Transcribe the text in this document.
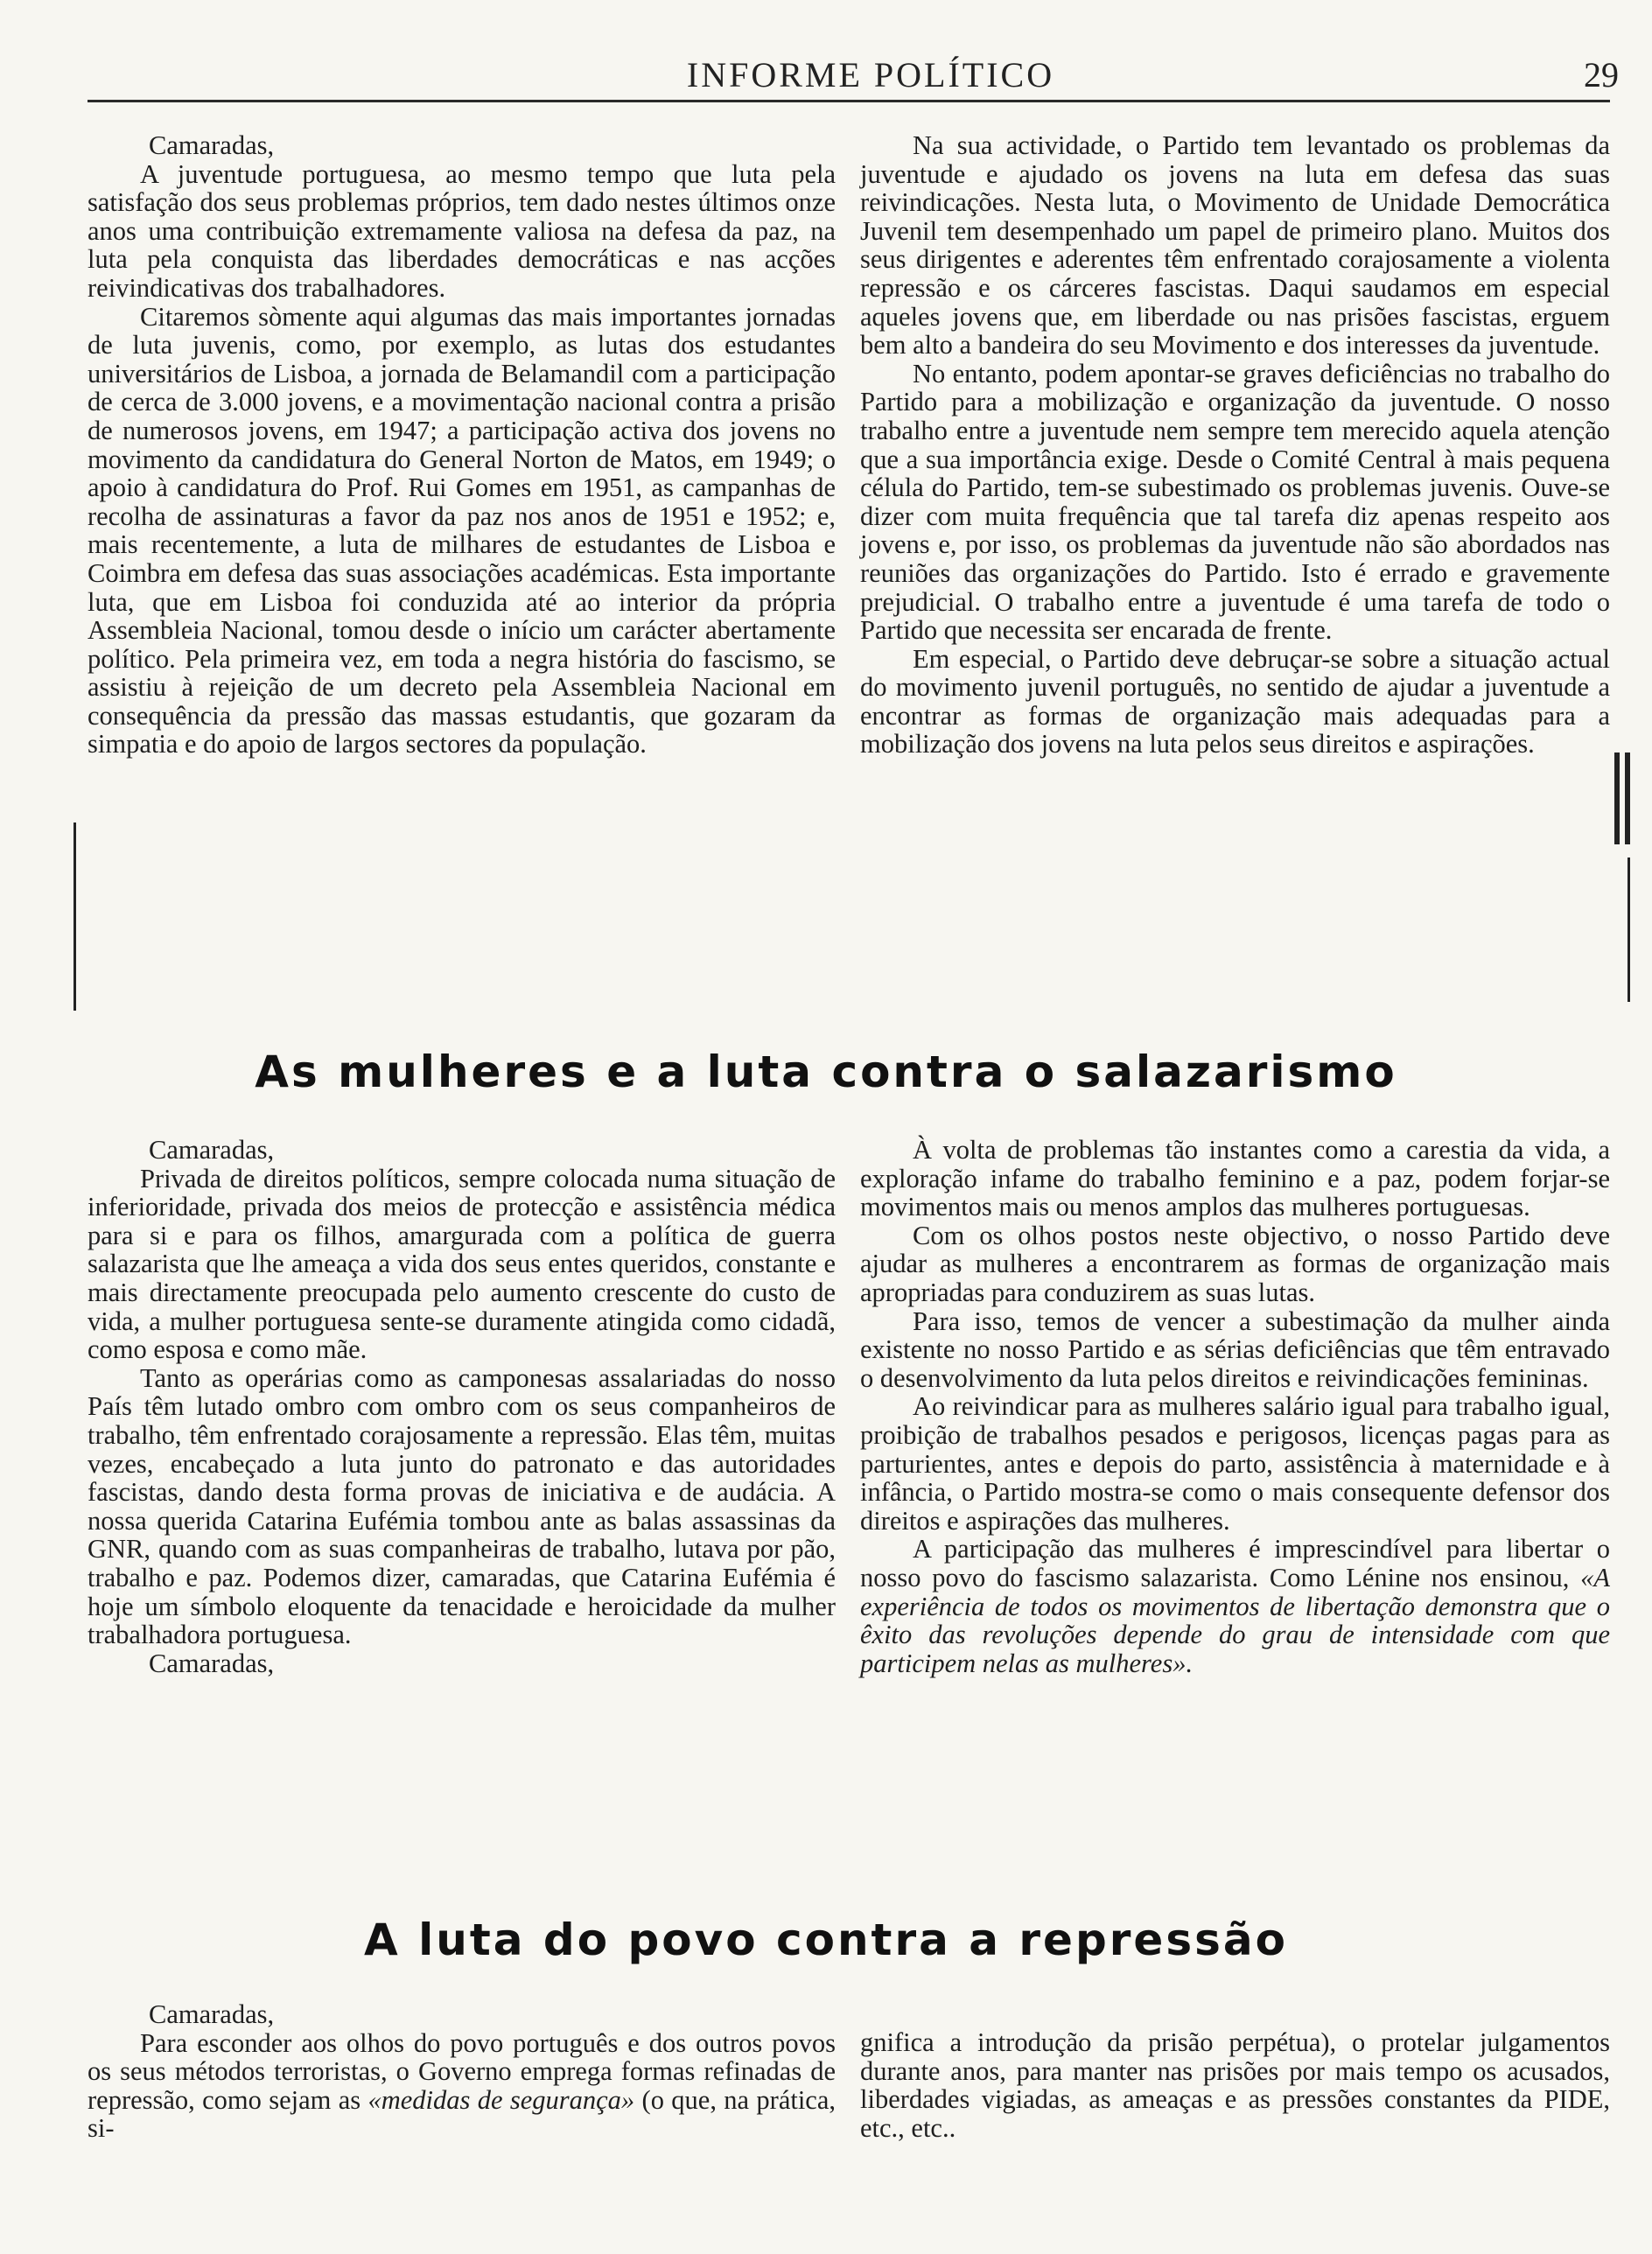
INFORME POLÍTICO	29

Camaradas,

A juventude portuguesa, ao mesmo tempo que luta pela satisfação dos seus problemas próprios, tem dado nestes últimos onze anos uma contribuição extremamente valiosa na defesa da paz, na luta pela conquista das liberdades democráticas e nas acções reivindicativas dos trabalhadores.

Citaremos sòmente aqui algumas das mais importantes jornadas de luta juvenis, como, por exemplo, as lutas dos estudantes universitários de Lisboa, a jornada de Belamandil com a participação de cerca de 3.000 jovens, e a movimentação nacional contra a prisão de numerosos jovens, em 1947; a participação activa dos jovens no movimento da candidatura do General Norton de Matos, em 1949; o apoio à candidatura do Prof. Rui Gomes em 1951, as campanhas de recolha de assinaturas a favor da paz nos anos de 1951 e 1952; e, mais recentemente, a luta de milhares de estudantes de Lisboa e Coimbra em defesa das suas associações académicas. Esta importante luta, que em Lisboa foi conduzida até ao interior da própria Assembleia Nacional, tomou desde o início um carácter abertamente político. Pela primeira vez, em toda a negra história do fascismo, se assistiu à rejeição de um decreto pela Assembleia Nacional em consequência da pressão das massas estudantis, que gozaram da simpatia e do apoio de largos sectores da população.

Na sua actividade, o Partido tem levantado os problemas da juventude e ajudado os jovens na luta em defesa das suas reivindicações. Nesta luta, o Movimento de Unidade Democrática Juvenil tem desempenhado um papel de primeiro plano. Muitos dos seus dirigentes e aderentes têm enfrentado corajosamente a violenta repressão e os cárceres fascistas. Daqui saudamos em especial aqueles jovens que, em liberdade ou nas prisões fascistas, erguem bem alto a bandeira do seu Movimento e dos interesses da juventude.

No entanto, podem apontar-se graves deficiências no trabalho do Partido para a mobilização e organização da juventude. O nosso trabalho entre a juventude nem sempre tem merecido aquela atenção que a sua importância exige. Desde o Comité Central à mais pequena célula do Partido, tem-se subestimado os problemas juvenis. Ouve-se dizer com muita frequência que tal tarefa diz apenas respeito aos jovens e, por isso, os problemas da juventude não são abordados nas reuniões das organizações do Partido. Isto é errado e gravemente prejudicial. O trabalho entre a juventude é uma tarefa de todo o Partido que necessita ser encarada de frente.

Em especial, o Partido deve debruçar-se sobre a situação actual do movimento juvenil português, no sentido de ajudar a juventude a encontrar as formas de organização mais adequadas para a mobilização dos jovens na luta pelos seus direitos e aspirações.

As mulheres e a luta contra o salazarismo

Camaradas,

Privada de direitos políticos, sempre colocada numa situação de inferioridade, privada dos meios de protecção e assistência médica para si e para os filhos, amargurada com a política de guerra salazarista que lhe ameaça a vida dos seus entes queridos, constante e mais directamente preocupada pelo aumento crescente do custo de vida, a mulher portuguesa sente-se duramente atingida como cidadã, como esposa e como mãe.

Tanto as operárias como as camponesas assalariadas do nosso País têm lutado ombro com ombro com os seus companheiros de trabalho, têm enfrentado corajosamente a repressão. Elas têm, muitas vezes, encabeçado a luta junto do patronato e das autoridades fascistas, dando desta forma provas de iniciativa e de audácia. A nossa querida Catarina Eufémia tombou ante as balas assassinas da GNR, quando com as suas companheiras de trabalho, lutava por pão, trabalho e paz. Podemos dizer, camaradas, que Catarina Eufémia é hoje um símbolo eloquente da tenacidade e heroicidade da mulher trabalhadora portuguesa.

Camaradas,

À volta de problemas tão instantes como a carestia da vida, a exploração infame do trabalho feminino e a paz, podem forjar-se movimentos mais ou menos amplos das mulheres portuguesas.

Com os olhos postos neste objectivo, o nosso Partido deve ajudar as mulheres a encontrarem as formas de organização mais apropriadas para conduzirem as suas lutas.

Para isso, temos de vencer a subestimação da mulher ainda existente no nosso Partido e as sérias deficiências que têm entravado o desenvolvimento da luta pelos direitos e reivindicações femininas.

Ao reivindicar para as mulheres salário igual para trabalho igual, proibição de trabalhos pesados e perigosos, licenças pagas para as parturientes, antes e depois do parto, assistência à maternidade e à infância, o Partido mostra-se como o mais consequente defensor dos direitos e aspirações das mulheres.

A participação das mulheres é imprescindível para libertar o nosso povo do fascismo salazarista. Como Lénine nos ensinou, «A experiência de todos os movimentos de libertação demonstra que o êxito das revoluções depende do grau de intensidade com que participem nelas as mulheres».

A luta do povo contra a repressão

Camaradas,

Para esconder aos olhos do povo português e dos outros povos os seus métodos terroristas, o Governo emprega formas refinadas de repressão, como sejam as «medidas de segurança» (o que, na prática, si-

gnifica a introdução da prisão perpétua), o protelar julgamentos durante anos, para manter nas prisões por mais tempo os acusados, liberdades vigiadas, as ameaças e as pressões constantes da PIDE, etc., etc..
